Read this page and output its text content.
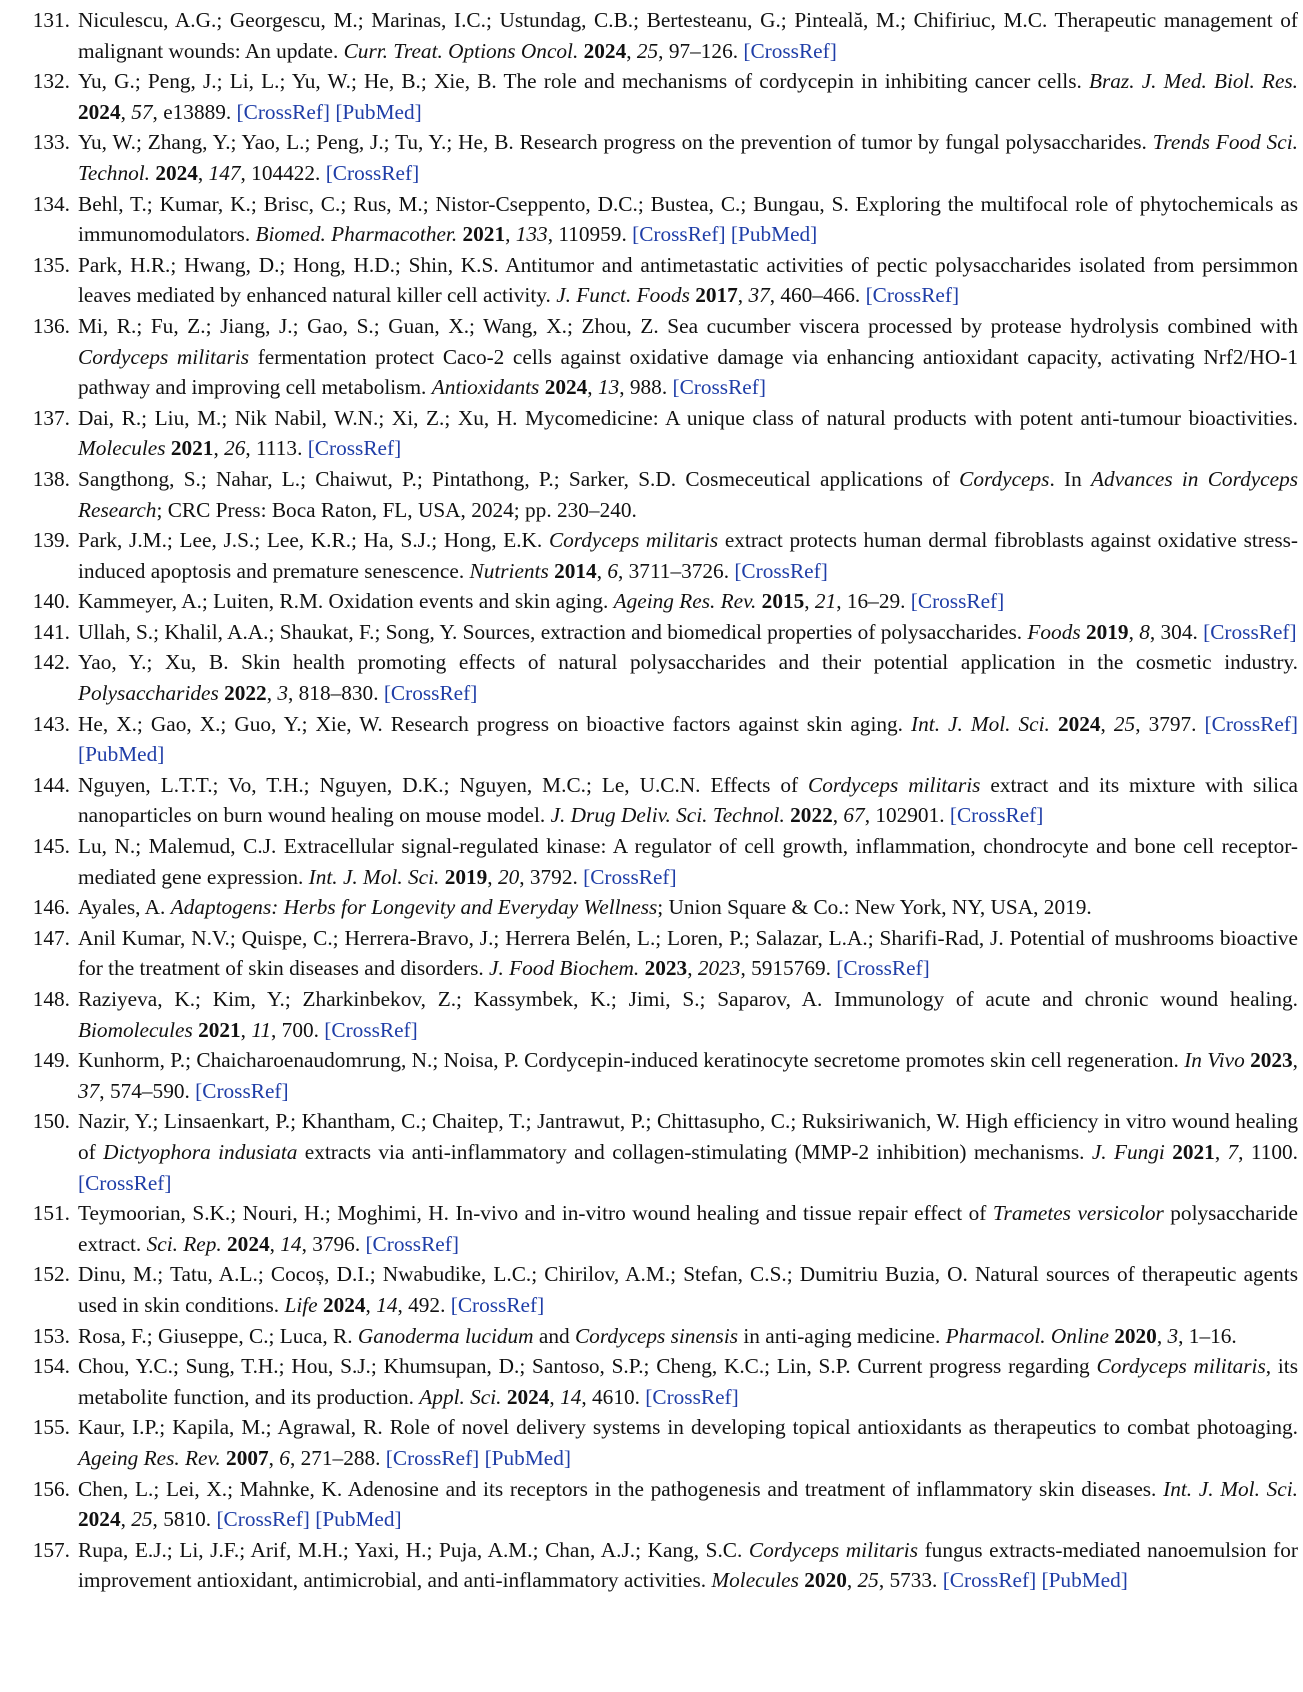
131. Niculescu, A.G.; Georgescu, M.; Marinas, I.C.; Ustundag, C.B.; Bertesteanu, G.; Pinteală, M.; Chifiriuc, M.C. Therapeutic management of malignant wounds: An update. Curr. Treat. Options Oncol. 2024, 25, 97–126. [CrossRef]
132. Yu, G.; Peng, J.; Li, L.; Yu, W.; He, B.; Xie, B. The role and mechanisms of cordycepin in inhibiting cancer cells. Braz. J. Med. Biol. Res. 2024, 57, e13889. [CrossRef] [PubMed]
133. Yu, W.; Zhang, Y.; Yao, L.; Peng, J.; Tu, Y.; He, B. Research progress on the prevention of tumor by fungal polysaccharides. Trends Food Sci. Technol. 2024, 147, 104422. [CrossRef]
134. Behl, T.; Kumar, K.; Brisc, C.; Rus, M.; Nistor-Cseppento, D.C.; Bustea, C.; Bungau, S. Exploring the multifocal role of phytochemicals as immunomodulators. Biomed. Pharmacother. 2021, 133, 110959. [CrossRef] [PubMed]
135. Park, H.R.; Hwang, D.; Hong, H.D.; Shin, K.S. Antitumor and antimetastatic activities of pectic polysaccharides isolated from persimmon leaves mediated by enhanced natural killer cell activity. J. Funct. Foods 2017, 37, 460–466. [CrossRef]
136. Mi, R.; Fu, Z.; Jiang, J.; Gao, S.; Guan, X.; Wang, X.; Zhou, Z. Sea cucumber viscera processed by protease hydrolysis combined with Cordyceps militaris fermentation protect Caco-2 cells against oxidative damage via enhancing antioxidant capacity, activating Nrf2/HO-1 pathway and improving cell metabolism. Antioxidants 2024, 13, 988. [CrossRef]
137. Dai, R.; Liu, M.; Nik Nabil, W.N.; Xi, Z.; Xu, H. Mycomedicine: A unique class of natural products with potent anti-tumour bioactivities. Molecules 2021, 26, 1113. [CrossRef]
138. Sangthong, S.; Nahar, L.; Chaiwut, P.; Pintathong, P.; Sarker, S.D. Cosmeceutical applications of Cordyceps. In Advances in Cordyceps Research; CRC Press: Boca Raton, FL, USA, 2024; pp. 230–240.
139. Park, J.M.; Lee, J.S.; Lee, K.R.; Ha, S.J.; Hong, E.K. Cordyceps militaris extract protects human dermal fibroblasts against oxidative stress-induced apoptosis and premature senescence. Nutrients 2014, 6, 3711–3726. [CrossRef]
140. Kammeyer, A.; Luiten, R.M. Oxidation events and skin aging. Ageing Res. Rev. 2015, 21, 16–29. [CrossRef]
141. Ullah, S.; Khalil, A.A.; Shaukat, F.; Song, Y. Sources, extraction and biomedical properties of polysaccharides. Foods 2019, 8, 304. [CrossRef]
142. Yao, Y.; Xu, B. Skin health promoting effects of natural polysaccharides and their potential application in the cosmetic industry. Polysaccharides 2022, 3, 818–830. [CrossRef]
143. He, X.; Gao, X.; Guo, Y.; Xie, W. Research progress on bioactive factors against skin aging. Int. J. Mol. Sci. 2024, 25, 3797. [CrossRef] [PubMed]
144. Nguyen, L.T.T.; Vo, T.H.; Nguyen, D.K.; Nguyen, M.C.; Le, U.C.N. Effects of Cordyceps militaris extract and its mixture with silica nanoparticles on burn wound healing on mouse model. J. Drug Deliv. Sci. Technol. 2022, 67, 102901. [CrossRef]
145. Lu, N.; Malemud, C.J. Extracellular signal-regulated kinase: A regulator of cell growth, inflammation, chondrocyte and bone cell receptor-mediated gene expression. Int. J. Mol. Sci. 2019, 20, 3792. [CrossRef]
146. Ayales, A. Adaptogens: Herbs for Longevity and Everyday Wellness; Union Square & Co.: New York, NY, USA, 2019.
147. Anil Kumar, N.V.; Quispe, C.; Herrera-Bravo, J.; Herrera Belén, L.; Loren, P.; Salazar, L.A.; Sharifi-Rad, J. Potential of mushrooms bioactive for the treatment of skin diseases and disorders. J. Food Biochem. 2023, 2023, 5915769. [CrossRef]
148. Raziyeva, K.; Kim, Y.; Zharkinbekov, Z.; Kassymbek, K.; Jimi, S.; Saparov, A. Immunology of acute and chronic wound healing. Biomolecules 2021, 11, 700. [CrossRef]
149. Kunhorm, P.; Chaicharoenaudomrung, N.; Noisa, P. Cordycepin-induced keratinocyte secretome promotes skin cell regeneration. In Vivo 2023, 37, 574–590. [CrossRef]
150. Nazir, Y.; Linsaenkart, P.; Khantham, C.; Chaitep, T.; Jantrawut, P.; Chittasupho, C.; Ruksiriwanich, W. High efficiency in vitro wound healing of Dictyophora indusiata extracts via anti-inflammatory and collagen-stimulating (MMP-2 inhibition) mechanisms. J. Fungi 2021, 7, 1100. [CrossRef]
151. Teymoorian, S.K.; Nouri, H.; Moghimi, H. In-vivo and in-vitro wound healing and tissue repair effect of Trametes versicolor polysaccharide extract. Sci. Rep. 2024, 14, 3796. [CrossRef]
152. Dinu, M.; Tatu, A.L.; Cocoș, D.I.; Nwabudike, L.C.; Chirilov, A.M.; Stefan, C.S.; Dumitriu Buzia, O. Natural sources of therapeutic agents used in skin conditions. Life 2024, 14, 492. [CrossRef]
153. Rosa, F.; Giuseppe, C.; Luca, R. Ganoderma lucidum and Cordyceps sinensis in anti-aging medicine. Pharmacol. Online 2020, 3, 1–16.
154. Chou, Y.C.; Sung, T.H.; Hou, S.J.; Khumsupan, D.; Santoso, S.P.; Cheng, K.C.; Lin, S.P. Current progress regarding Cordyceps militaris, its metabolite function, and its production. Appl. Sci. 2024, 14, 4610. [CrossRef]
155. Kaur, I.P.; Kapila, M.; Agrawal, R. Role of novel delivery systems in developing topical antioxidants as therapeutics to combat photoaging. Ageing Res. Rev. 2007, 6, 271–288. [CrossRef] [PubMed]
156. Chen, L.; Lei, X.; Mahnke, K. Adenosine and its receptors in the pathogenesis and treatment of inflammatory skin diseases. Int. J. Mol. Sci. 2024, 25, 5810. [CrossRef] [PubMed]
157. Rupa, E.J.; Li, J.F.; Arif, M.H.; Yaxi, H.; Puja, A.M.; Chan, A.J.; Kang, S.C. Cordyceps militaris fungus extracts-mediated nanoemulsion for improvement antioxidant, antimicrobial, and anti-inflammatory activities. Molecules 2020, 25, 5733. [CrossRef] [PubMed]
